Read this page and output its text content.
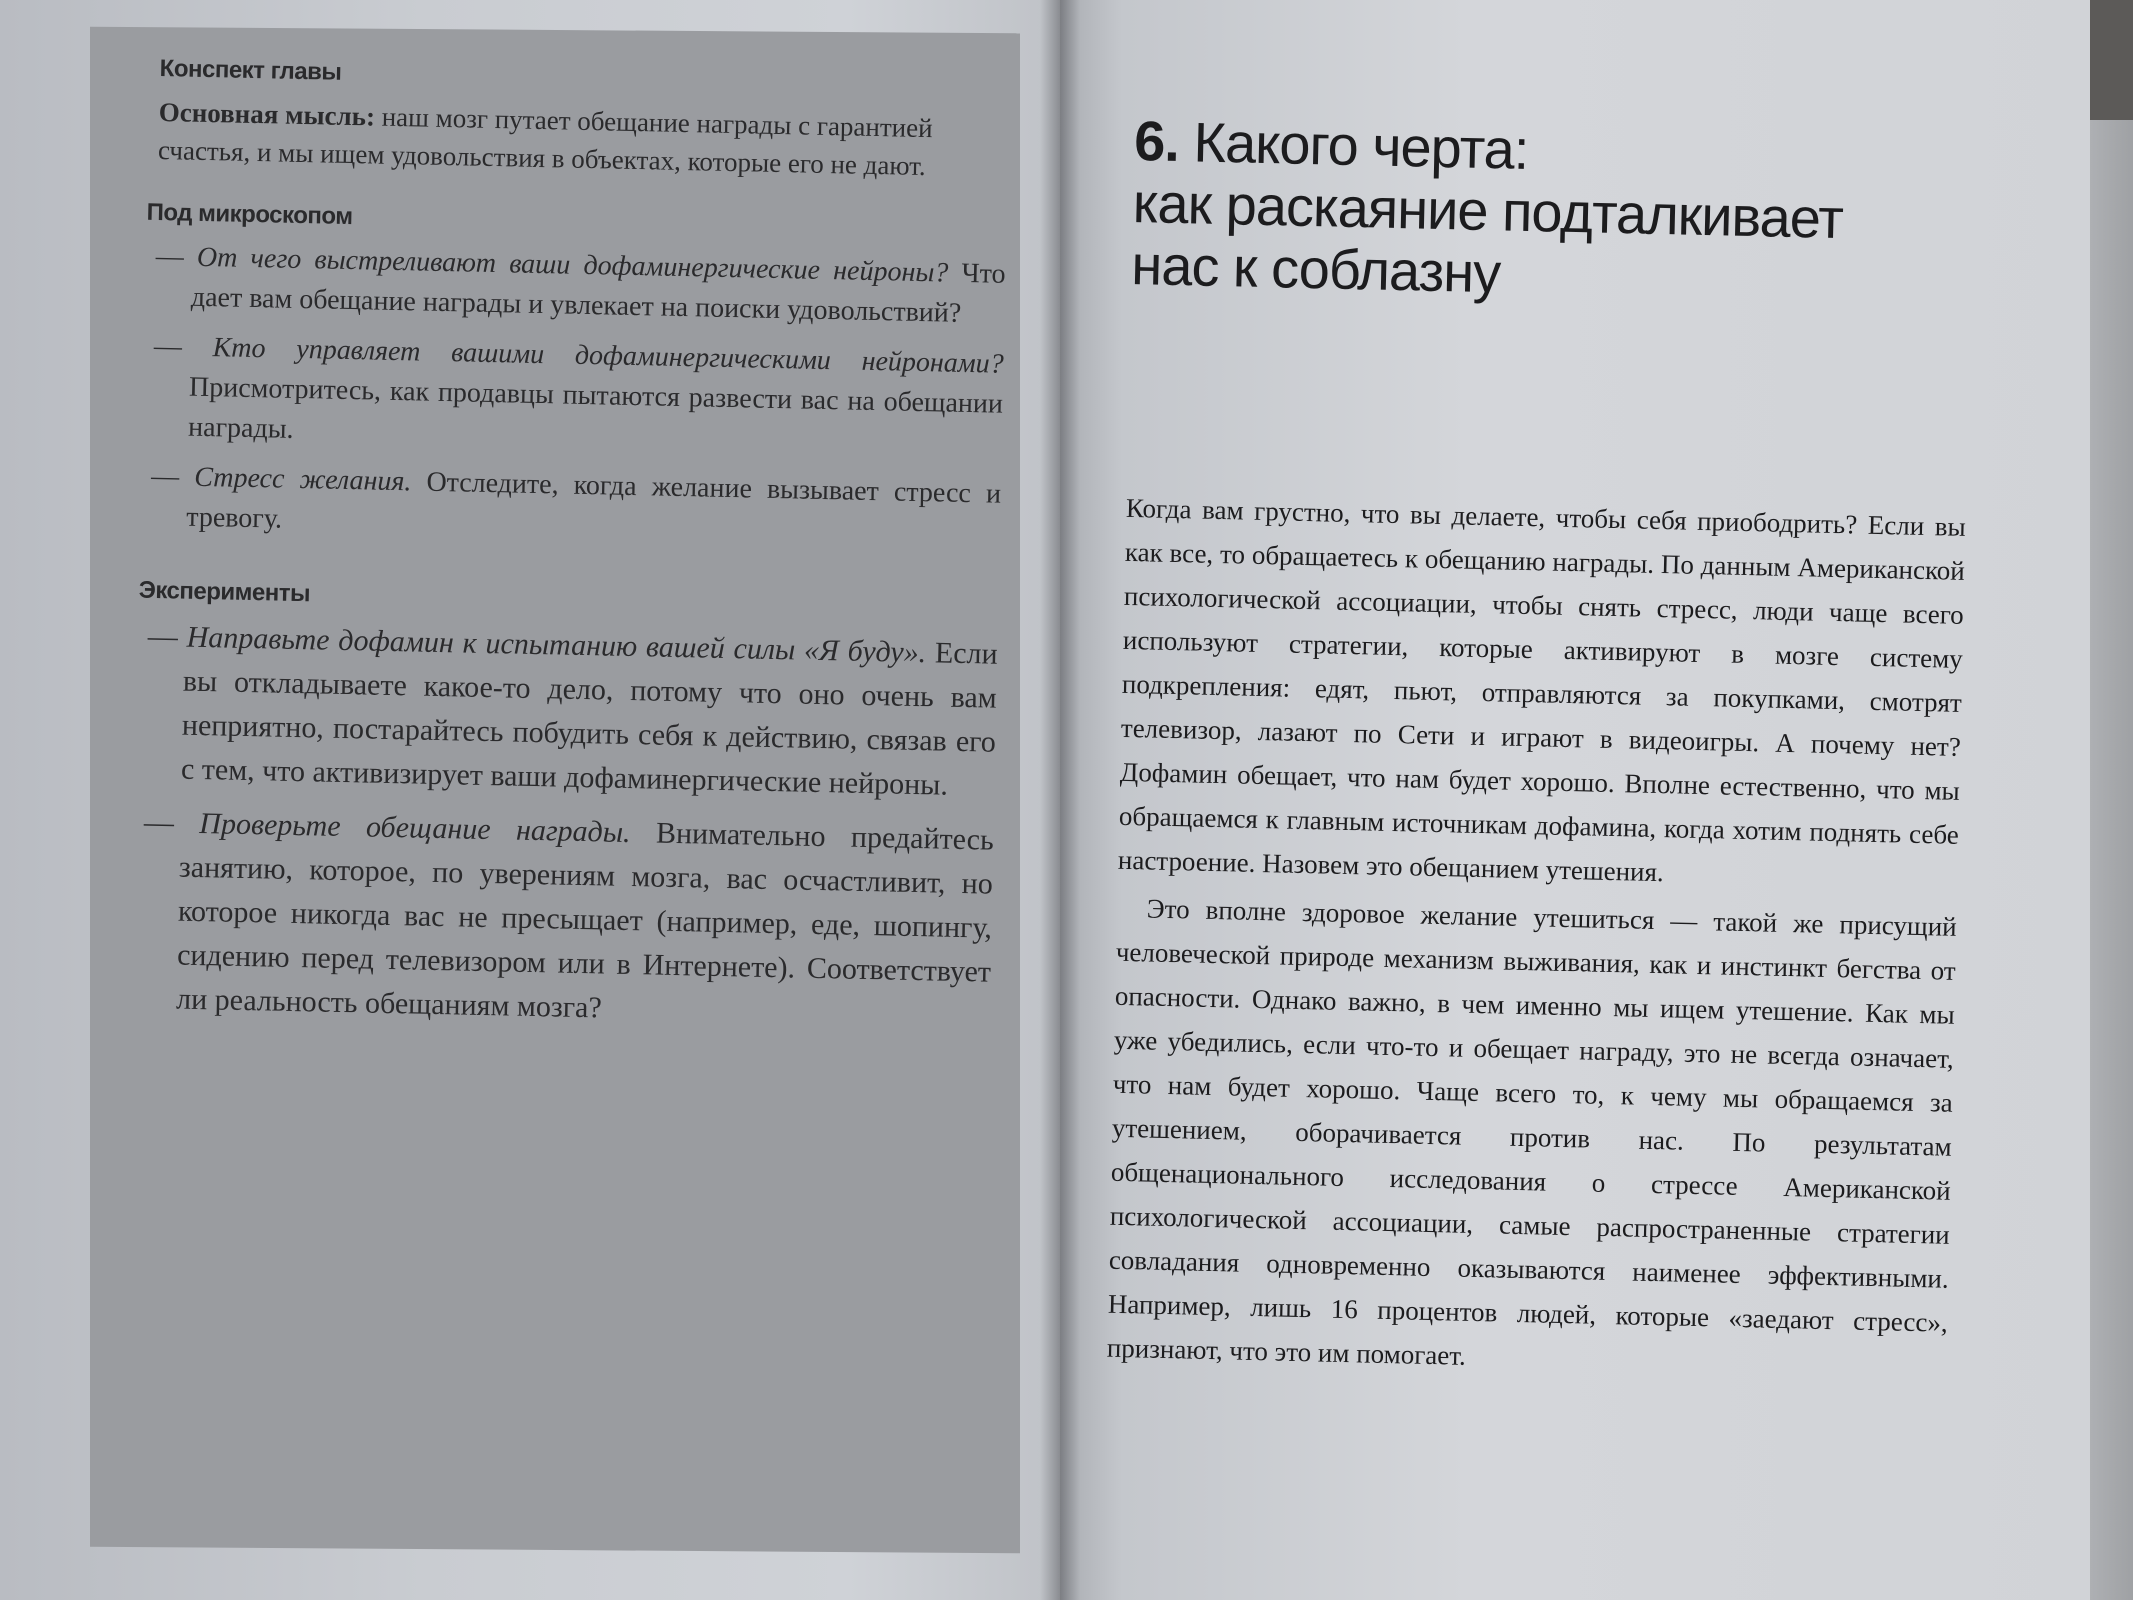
Конспект главы

Основная мысль: наш мозг путает обещание награды с гарантией счастья, и мы ищем удовольствия в объектах, которые его не дают.

Под микроскопом

— От чего выстреливают ваши дофаминергические нейроны? Что дает вам обещание награды и увлекает на поиски удовольствий?

— Кто управляет вашими дофаминергическими нейронами? Присмотритесь, как продавцы пытаются развести вас на обещании награды.

— Стресс желания. Отследите, когда желание вызывает стресс и тревогу.

Эксперименты

— Направьте дофамин к испытанию вашей силы «Я буду». Если вы откладываете какое-то дело, потому что оно очень вам неприятно, постарайтесь побудить себя к действию, связав его с тем, что активизирует ваши дофаминергические нейроны.

— Проверьте обещание награды. Внимательно предайтесь занятию, которое, по уверениям мозга, вас осчастливит, но которое никогда вас не пресыщает (например, еде, шопингу, сидению перед телевизором или в Интернете). Соответствует ли реальность обещаниям мозга?

6. Какого черта:
как раскаяние подталкивает
нас к соблазну

Когда вам грустно, что вы делаете, чтобы себя приободрить? Если вы как все, то обращаетесь к обещанию награды. По данным Американской психологической ассоциации, чтобы снять стресс, люди чаще всего используют стратегии, которые активируют в мозге систему подкрепления: едят, пьют, отправляются за покупками, смотрят телевизор, лазают по Сети и играют в видеоигры. А почему нет? Дофамин обещает, что нам будет хорошо. Вполне естественно, что мы обращаемся к главным источникам дофамина, когда хотим поднять себе настроение. Назовем это обещанием утешения.

Это вполне здоровое желание утешиться — такой же присущий человеческой природе механизм выживания, как и инстинкт бегства от опасности. Однако важно, в чем именно мы ищем утешение. Как мы уже убедились, если что-то и обещает награду, это не всегда означает, что нам будет хорошо. Чаще всего то, к чему мы обращаемся за утешением, оборачивается против нас. По результатам общенационального исследования о стрессе Американской психологической ассоциации, самые распространенные стратегии совладания одновременно оказываются наименее эффективными. Например, лишь 16 процентов людей, которые «заедают стресс», признают, что это им помогает.
